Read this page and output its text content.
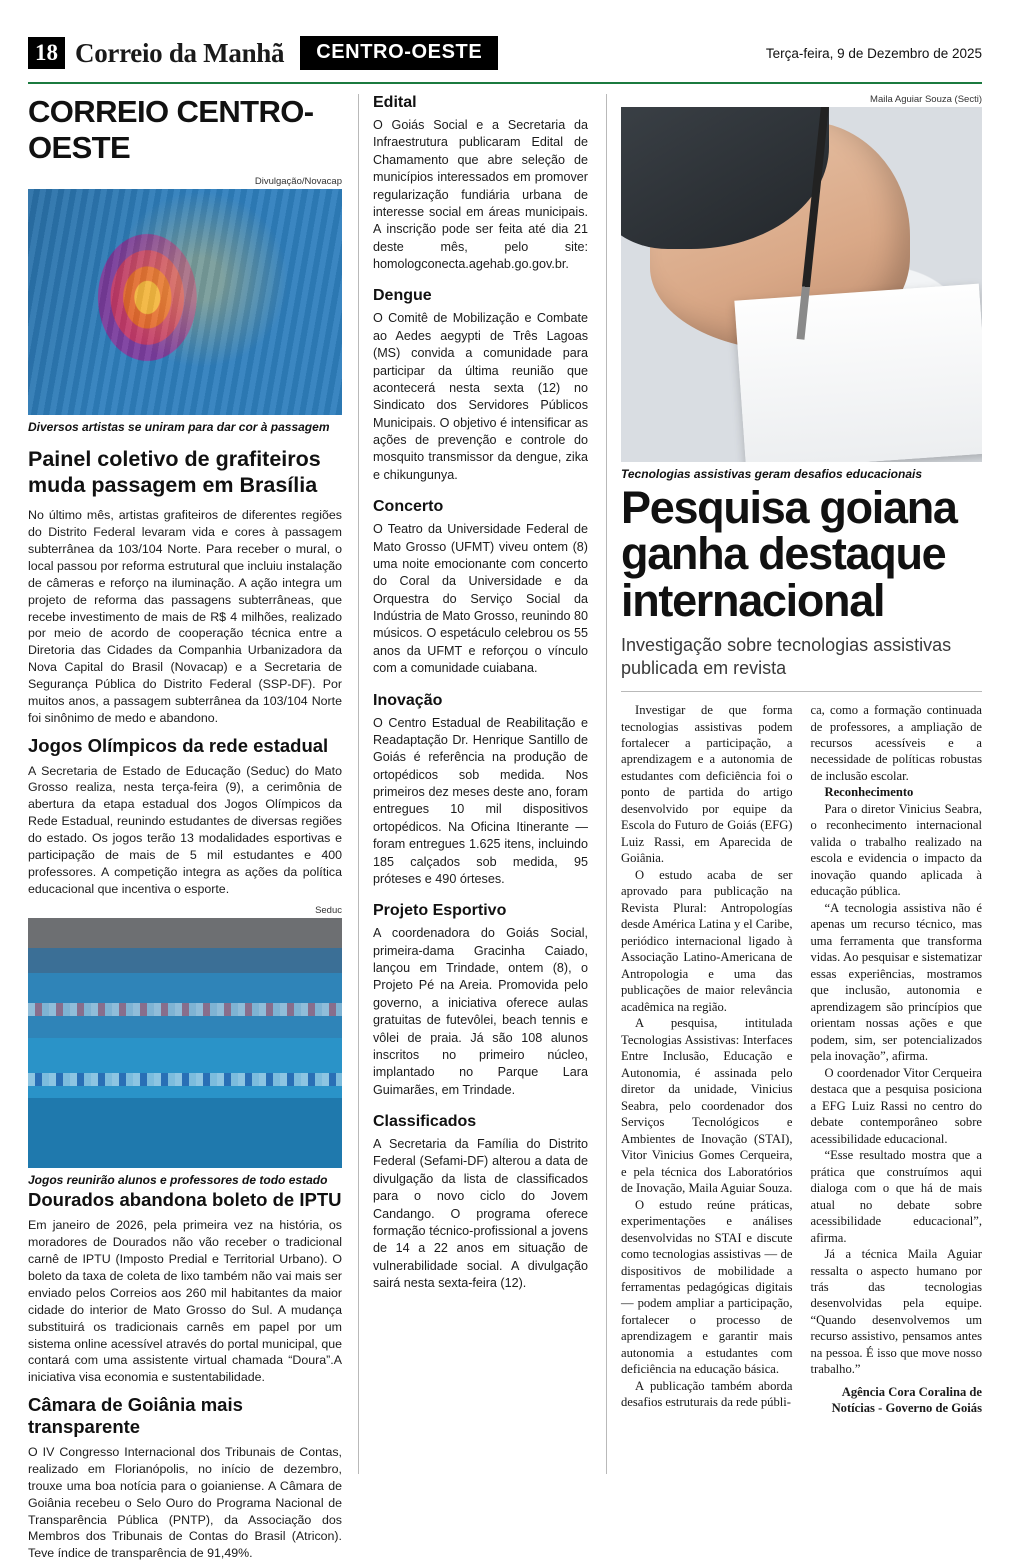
18 Correio da Manhã	CENTRO-OESTE	Terça-feira, 9 de Dezembro de 2025
CORREIO CENTRO-OESTE
Divulgação/Novacap
Diversos artistas se uniram para dar cor à passagem
Painel coletivo de grafiteiros muda passagem em Brasília

No último mês, artistas grafiteiros de diferentes regiões do Distrito Federal levaram vida e cores à passagem subterrânea da 103/104 Norte. Para receber o mural, o local passou por reforma estrutural que incluiu instalação de câmeras e reforço na iluminação. A ação integra um projeto de reforma das passagens subterrâneas, que recebe investimento de mais de R$ 4 milhões, realizado por meio de acordo de cooperação técnica entre a Diretoria das Cidades da Companhia Urbanizadora da Nova Capital do Brasil (Novacap) e a Secretaria de Segurança Pública do Distrito Federal (SSP-DF). Por muitos anos, a passagem subterrânea da 103/104 Norte foi sinônimo de medo e abandono.

Jogos Olímpicos da rede estadual

A Secretaria de Estado de Educação (Seduc) do Mato Grosso realiza, nesta terça-feira (9), a cerimônia de abertura da etapa estadual dos Jogos Olímpicos da Rede Estadual, reunindo estudantes de diversas regiões do estado. Os jogos terão 13 modalidades esportivas e participação de mais de 5 mil estudantes e 400 professores. A competição integra as ações da política educacional que incentiva o esporte.

Seduc
Jogos reunirão alunos e professores de todo estado
Dourados abandona boleto de IPTU

Em janeiro de 2026, pela primeira vez na história, os moradores de Dourados não vão receber o tradicional carnê de IPTU (Imposto Predial e Territorial Urbano). O boleto da taxa de coleta de lixo também não vai mais ser enviado pelos Correios aos 260 mil habitantes da maior cidade do interior de Mato Grosso do Sul. A mudança substituirá os tradicionais carnês em papel por um sistema online acessível através do portal municipal, que contará com uma assistente virtual chamada “Doura”.A iniciativa visa economia e sustentabilidade.

Câmara de Goiânia mais transparente

O IV Congresso Internacional dos Tribunais de Contas, realizado em Florianópolis, no início de dezembro, trouxe uma boa notícia para o goianiense. A Câmara de Goiânia recebeu o Selo Ouro do Programa Nacional de Transparência Pública (PNTP), da Associação dos Membros dos Tribunais de Contas do Brasil (Atricon). Teve índice de transparência de 91,49%.

Edital

O Goiás Social e a Secretaria da Infraestrutura publicaram Edital de Chamamento que abre seleção de municípios interessados em promover regularização fundiária urbana de interesse social em áreas municipais. A inscrição pode ser feita até dia 21 deste mês, pelo site: homologconecta.agehab.go.gov.br.

Dengue

O Comitê de Mobilização e Combate ao Aedes aegypti de Três Lagoas (MS) convida a comunidade para participar da última reunião que acontecerá nesta sexta (12) no Sindicato dos Servidores Públicos Municipais. O objetivo é intensificar as ações de prevenção e controle do mosquito transmissor da dengue, zika e chikungunya.

Concerto

O Teatro da Universidade Federal de Mato Grosso (UFMT) viveu ontem (8) uma noite emocionante com concerto do Coral da Universidade e da Orquestra do Serviço Social da Indústria de Mato Grosso, reunindo 80 músicos. O espetáculo celebrou os 55 anos da UFMT e reforçou o vínculo com a comunidade cuiabana.

Inovação

O Centro Estadual de Reabilitação e Readaptação Dr. Henrique Santillo de Goiás é referência na produção de ortopédicos sob medida. Nos primeiros dez meses deste ano, foram entregues 10 mil dispositivos ortopédicos. Na Oficina Itinerante — foram entregues 1.625 itens, incluindo 185 calçados sob medida, 95 próteses e 490 órteses.

Projeto Esportivo

A coordenadora do Goiás Social, primeira-dama Gracinha Caiado, lançou em Trindade, ontem (8), o Projeto Pé na Areia. Promovida pelo governo, a iniciativa oferece aulas gratuitas de futevôlei, beach tennis e vôlei de praia. Já são 108 alunos inscritos no primeiro núcleo, implantado no Parque Lara Guimarães, em Trindade.

Classificados

A Secretaria da Família do Distrito Federal (Sefami-DF) alterou a data de divulgação da lista de classificados para o novo ciclo do Jovem Candango. O programa oferece formação técnico-profissional a jovens de 14 a 22 anos em situação de vulnerabilidade social. A divulgação sairá nesta sexta-feira (12).

Maila Aguiar Souza (Secti)
Tecnologias assistivas geram desafios educacionais
Pesquisa goiana ganha destaque internacional
Investigação sobre tecnologias assistivas publicada em revista

Investigar de que forma tecnologias assistivas podem fortalecer a participação, a aprendizagem e a autonomia de estudantes com deficiência foi o ponto de partida do artigo desenvolvido por equipe da Escola do Futuro de Goiás (EFG) Luiz Rassi, em Aparecida de Goiânia.

O estudo acaba de ser aprovado para publicação na Revista Plural: Antropologías desde América Latina y el Caribe, periódico internacional ligado à Associação Latino-Americana de Antropologia e uma das publicações de maior relevância acadêmica na região.

A pesquisa, intitulada Tecnologias Assistivas: Interfaces Entre Inclusão, Educação e Autonomia, é assinada pelo diretor da unidade, Vinicius Seabra, pelo coordenador dos Serviços Tecnológicos e Ambientes de Inovação (STAI), Vitor Vinicius Gomes Cerqueira, e pela técnica dos Laboratórios de Inovação, Maila Aguiar Souza.

O estudo reúne práticas, experimentações e análises desenvolvidas no STAI e discute como tecnologias assistivas — de dispositivos de mobilidade a ferramentas pedagógicas digitais — podem ampliar a participação, fortalecer o processo de aprendizagem e garantir mais autonomia a estudantes com deficiência na educação básica.

A publicação também aborda desafios estruturais da rede públi-

ca, como a formação continuada de professores, a ampliação de recursos acessíveis e a necessidade de políticas robustas de inclusão escolar.

Reconhecimento

Para o diretor Vinicius Seabra, o reconhecimento internacional valida o trabalho realizado na escola e evidencia o impacto da inovação quando aplicada à educação pública.

“A tecnologia assistiva não é apenas um recurso técnico, mas uma ferramenta que transforma vidas. Ao pesquisar e sistematizar essas experiências, mostramos que inclusão, autonomia e aprendizagem são princípios que orientam nossas ações e que podem, sim, ser potencializados pela inovação”, afirma.

O coordenador Vitor Cerqueira destaca que a pesquisa posiciona a EFG Luiz Rassi no centro do debate contemporâneo sobre acessibilidade educacional.

“Esse resultado mostra que a prática que construímos aqui dialoga com o que há de mais atual no debate sobre acessibilidade educacional”, afirma.

Já a técnica Maila Aguiar ressalta o aspecto humano por trás das tecnologias desenvolvidas pela equipe. “Quando desenvolvemos um recurso assistivo, pensamos antes na pessoa. É isso que move nosso trabalho.”

Agência Cora Coralina de Notícias - Governo de Goiás
